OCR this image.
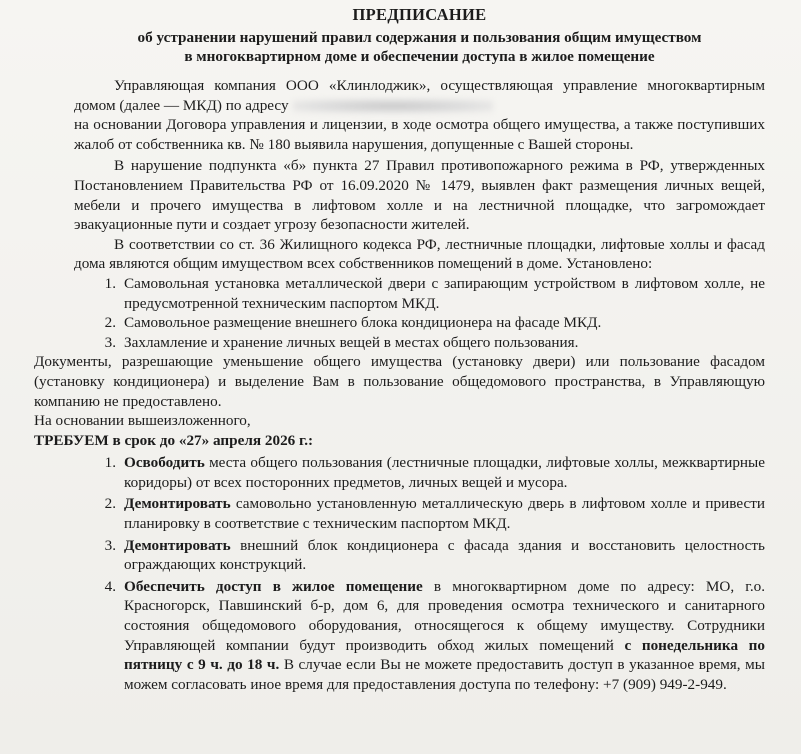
ПРЕДПИСАНИЕ
об устранении нарушений правил содержания и пользования общим имуществом
в многоквартирном доме и обеспечении доступа в жилое помещение

Управляющая компания ООО «Клинлоджик», осуществляющая управление многоквартирным домом (далее — МКД) по адресу
на основании Договора управления и лицензии, в ходе осмотра общего имущества, а также поступивших жалоб от собственника кв. № 180 выявила нарушения, допущенные с Вашей стороны.

В нарушение подпункта «б» пункта 27 Правил противопожарного режима в РФ, утвержденных Постановлением Правительства РФ от 16.09.2020 № 1479, выявлен факт размещения личных вещей, мебели и прочего имущества в лифтовом холле и на лестничной площадке, что загромождает эвакуационные пути и создает угрозу безопасности жителей.

В соответствии со ст. 36 Жилищного кодекса РФ, лестничные площадки, лифтовые холлы и фасад дома являются общим имуществом всех собственников помещений в доме. Установлено:

1. Самовольная установка металлической двери с запирающим устройством в лифтовом холле, не предусмотренной техническим паспортом МКД.
2. Самовольное размещение внешнего блока кондиционера на фасаде МКД.
3. Захламление и хранение личных вещей в местах общего пользования.

Документы, разрешающие уменьшение общего имущества (установку двери) или пользование фасадом (установку кондиционера) и выделение Вам в пользование общедомового пространства, в Управляющую компанию не предоставлено.

На основании вышеизложенного,

ТРЕБУЕМ в срок до «27» апреля 2026 г.:

1. Освободить места общего пользования (лестничные площадки, лифтовые холлы, межквартирные коридоры) от всех посторонних предметов, личных вещей и мусора.
2. Демонтировать самовольно установленную металлическую дверь в лифтовом холле и привести планировку в соответствие с техническим паспортом МКД.
3. Демонтировать внешний блок кондиционера с фасада здания и восстановить целостность ограждающих конструкций.
4. Обеспечить доступ в жилое помещение в многоквартирном доме по адресу: МО, г.о. Красногорск, Павшинский б-р, дом 6, для проведения осмотра технического и санитарного состояния общедомового оборудования, относящегося к общему имуществу. Сотрудники Управляющей компании будут производить обход жилых помещений с понедельника по пятницу с 9 ч. до 18 ч. В случае если Вы не можете предоставить доступ в указанное время, мы можем согласовать иное время для предоставления доступа по телефону: +7 (909) 949-2-949.
